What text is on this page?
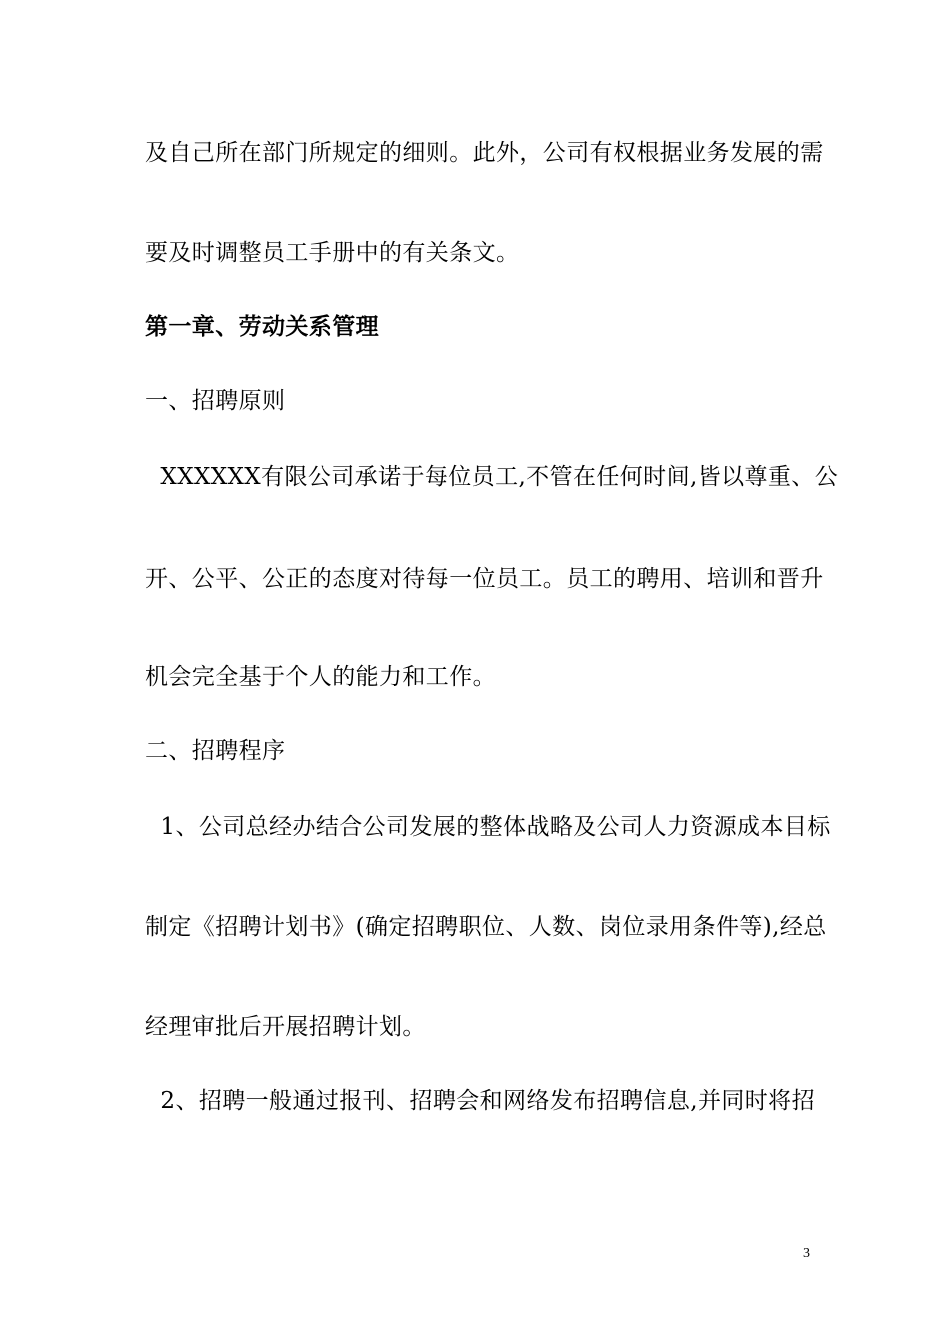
及自己所在部门所规定的细则。此外，公司有权根据业务发展的需
要及时调整员工手册中的有关条文。
第一章、劳动关系管理
一、招聘原则
XXXXXX有限公司承诺于每位员工,不管在任何时间,皆以尊重、公
开、公平、公正的态度对待每一位员工。员工的聘用、培训和晋升
机会完全基于个人的能力和工作。
二、招聘程序
1、公司总经办结合公司发展的整体战略及公司人力资源成本目标
制定《招聘计划书》(确定招聘职位、人数、岗位录用条件等),经总
经理审批后开展招聘计划。
2、招聘一般通过报刊、招聘会和网络发布招聘信息,并同时将招
3
